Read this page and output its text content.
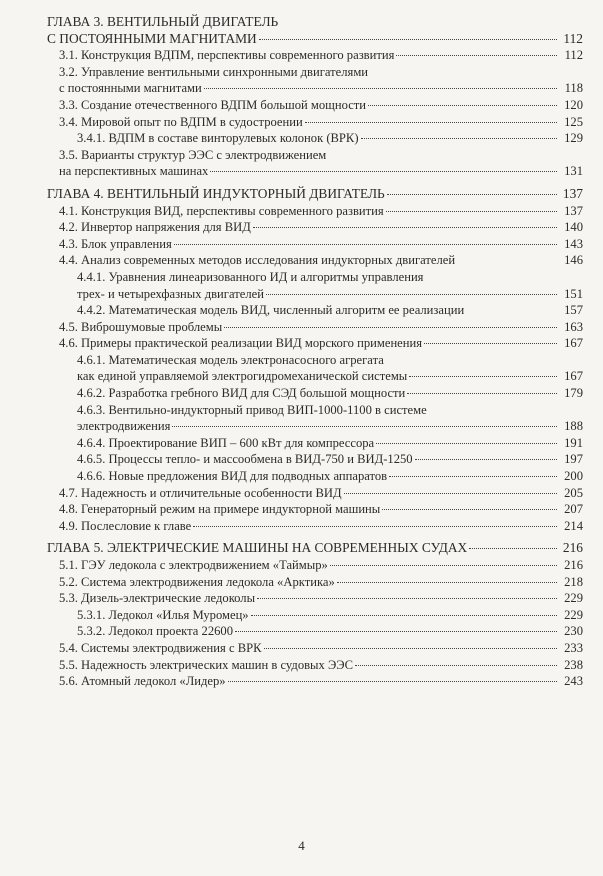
ГЛАВА 3. ВЕНТИЛЬНЫЙ ДВИГАТЕЛЬ
С ПОСТОЯННЫМИ МАГНИТАМИ	112
3.1. Конструкция ВДПМ, перспективы современного развития	112
3.2. Управление вентильными синхронными двигателями
с постоянными магнитами	118
3.3. Создание отечественного ВДПМ большой мощности	120
3.4. Мировой опыт по ВДПМ в судостроении	125
3.4.1. ВДПМ в составе винторулевых колонок (ВРК)	129
3.5. Варианты структур ЭЭС с электродвижением
на перспективных машинах	131
ГЛАВА 4. ВЕНТИЛЬНЫЙ ИНДУКТОРНЫЙ ДВИГАТЕЛЬ	137
4.1. Конструкция ВИД, перспективы современного развития	137
4.2. Инвертор напряжения для ВИД	140
4.3. Блок управления	143
4.4. Анализ современных методов исследования индукторных двигателей	146
4.4.1. Уравнения линеаризованного ИД и алгоритмы управления
трех- и четырехфазных двигателей	151
4.4.2. Математическая модель ВИД, численный алгоритм ее реализации	157
4.5. Виброшумовые проблемы	163
4.6. Примеры практической реализации ВИД морского применения	167
4.6.1. Математическая модель электронасосного агрегата
как единой управляемой электрогидромеханической системы	167
4.6.2. Разработка гребного ВИД для СЭД большой мощности	179
4.6.3. Вентильно-индукторный привод ВИП-1000-1100 в системе
электродвижения	188
4.6.4. Проектирование ВИП – 600 кВт для компрессора	191
4.6.5. Процессы тепло- и массообмена в ВИД-750 и ВИД-1250	197
4.6.6. Новые предложения ВИД для подводных аппаратов	200
4.7. Надежность и отличительные особенности ВИД	205
4.8. Генераторный режим на примере индукторной машины	207
4.9. Послесловие к главе	214
ГЛАВА 5. ЭЛЕКТРИЧЕСКИЕ МАШИНЫ НА СОВРЕМЕННЫХ СУДАХ	216
5.1. ГЭУ ледокола с электродвижением «Таймыр»	216
5.2. Система электродвижения ледокола «Арктика»	218
5.3. Дизель-электрические ледоколы	229
5.3.1. Ледокол «Илья Муромец»	229
5.3.2. Ледокол проекта 22600	230
5.4. Системы электродвижения с ВРК	233
5.5. Надежность электрических машин в судовых ЭЭС	238
5.6. Атомный ледокол «Лидер»	243
4
